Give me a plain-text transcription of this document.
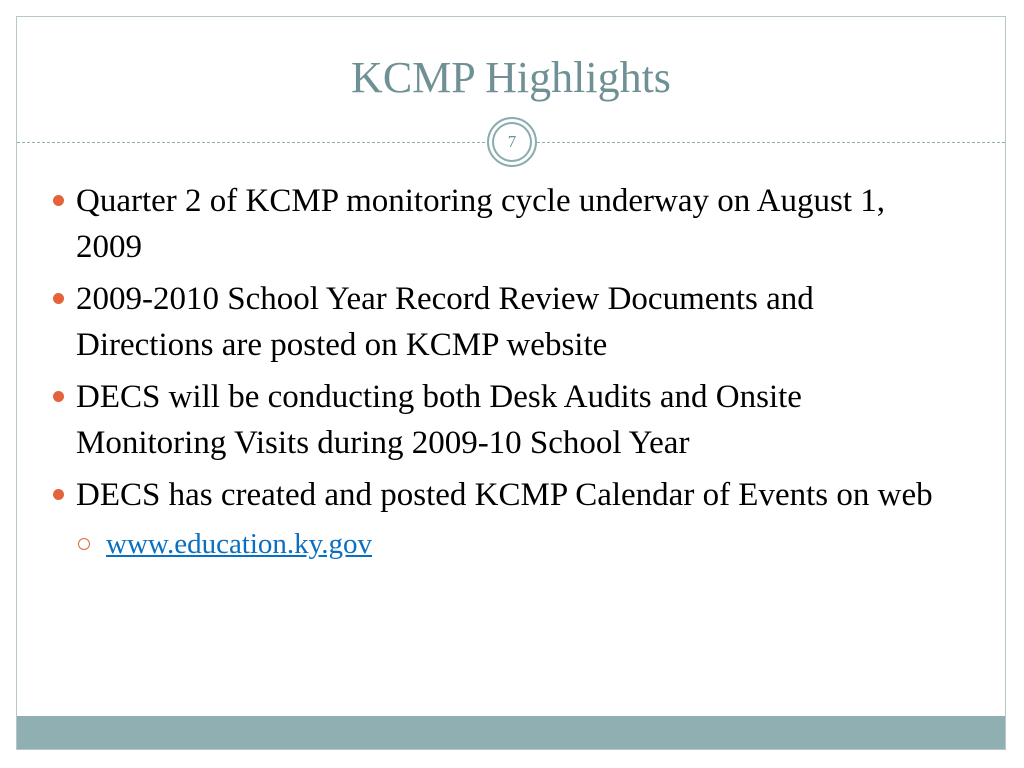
KCMP Highlights
7
Quarter 2 of KCMP monitoring cycle underway on August 1, 2009
2009-2010 School Year Record Review Documents and Directions are posted on KCMP website
DECS will be conducting both Desk Audits and Onsite Monitoring Visits during 2009-10 School Year
DECS has created and posted KCMP Calendar of Events on web
www.education.ky.gov
